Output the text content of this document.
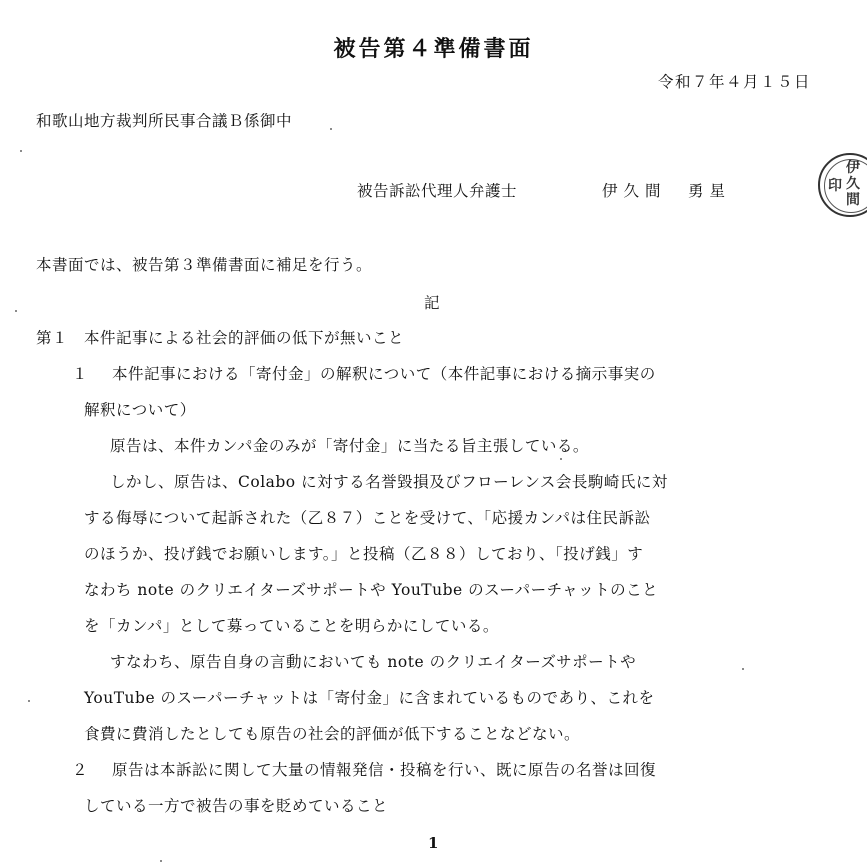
被告第４準備書面
令和７年４月１５日
和歌山地方裁判所民事合議Ｂ係御中
被告訴訟代理人弁護士	伊久間　勇星
伊
久
間
印
本書面では、被告第３準備書面に補足を行う。
記
第１ 本件記事による社会的評価の低下が無いこと
１ 本件記事における「寄付金」の解釈について（本件記事における摘示事実の
解釈について）
原告は、本件カンパ金のみが「寄付金」に当たる旨主張している。
しかし、原告は、Colabo に対する名誉毀損及びフローレンス会長駒崎氏に対
する侮辱について起訴された（乙８７）ことを受けて、「応援カンパは住民訴訟
のほうか、投げ銭でお願いします。」と投稿（乙８８）しており、「投げ銭」す
なわち note のクリエイターズサポートや YouTube のスーパーチャットのこと
を「カンパ」として募っていることを明らかにしている。
すなわち、原告自身の言動においても note のクリエイターズサポートや
YouTube のスーパーチャットは「寄付金」に含まれているものであり、これを
食費に費消したとしても原告の社会的評価が低下することなどない。
２ 原告は本訴訟に関して大量の情報発信・投稿を行い、既に原告の名誉は回復
している一方で被告の事を貶めていること
1
